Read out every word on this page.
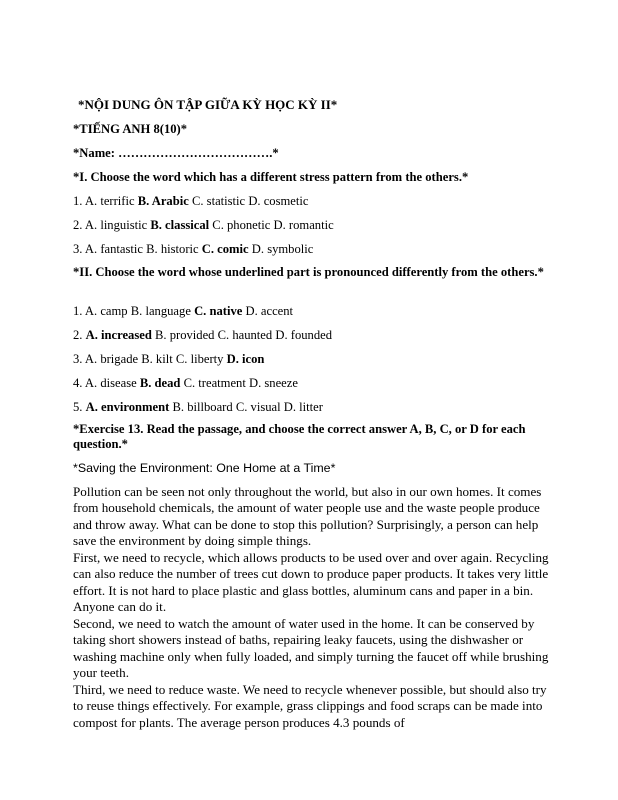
*NỘI DUNG ÔN TẬP GIỮA KỲ HỌC KỲ II*
*TIẾNG ANH 8(10)*
*Name: ……………………………….*
*I. Choose the word which has a different stress pattern from the others.*
1. A. terrific B. Arabic C. statistic D. cosmetic
2. A. linguistic B. classical C. phonetic D. romantic
3. A. fantastic B. historic C. comic D. symbolic
*II. Choose the word whose underlined part is pronounced differently from the others.*
1. A. camp B. language C. native D. accent
2. A. increased B. provided C. haunted D. founded
3. A. brigade B. kilt C. liberty D. icon
4. A. disease B. dead C. treatment D. sneeze
5. A. environment B. billboard C. visual D. litter
*Exercise 13. Read the passage, and choose the correct answer A, B, C, or D for each question.*
*Saving the Environment: One Home at a Time*
Pollution can be seen not only throughout the world, but also in our own homes. It comes from household chemicals, the amount of water people use and the waste people produce and throw away. What can be done to stop this pollution? Surprisingly, a person can help save the environment by doing simple things.
First, we need to recycle, which allows products to be used over and over again. Recycling can also reduce the number of trees cut down to produce paper products. It takes very little effort. It is not hard to place plastic and glass bottles, aluminum cans and paper in a bin. Anyone can do it.
Second, we need to watch the amount of water used in the home. It can be conserved by taking short showers instead of baths, repairing leaky faucets, using the dishwasher or washing machine only when fully loaded, and simply turning the faucet off while brushing your teeth.
Third, we need to reduce waste. We need to recycle whenever possible, but should also try to reuse things effectively. For example, grass clippings and food scraps can be made into compost for plants. The average person produces 4.3 pounds of
